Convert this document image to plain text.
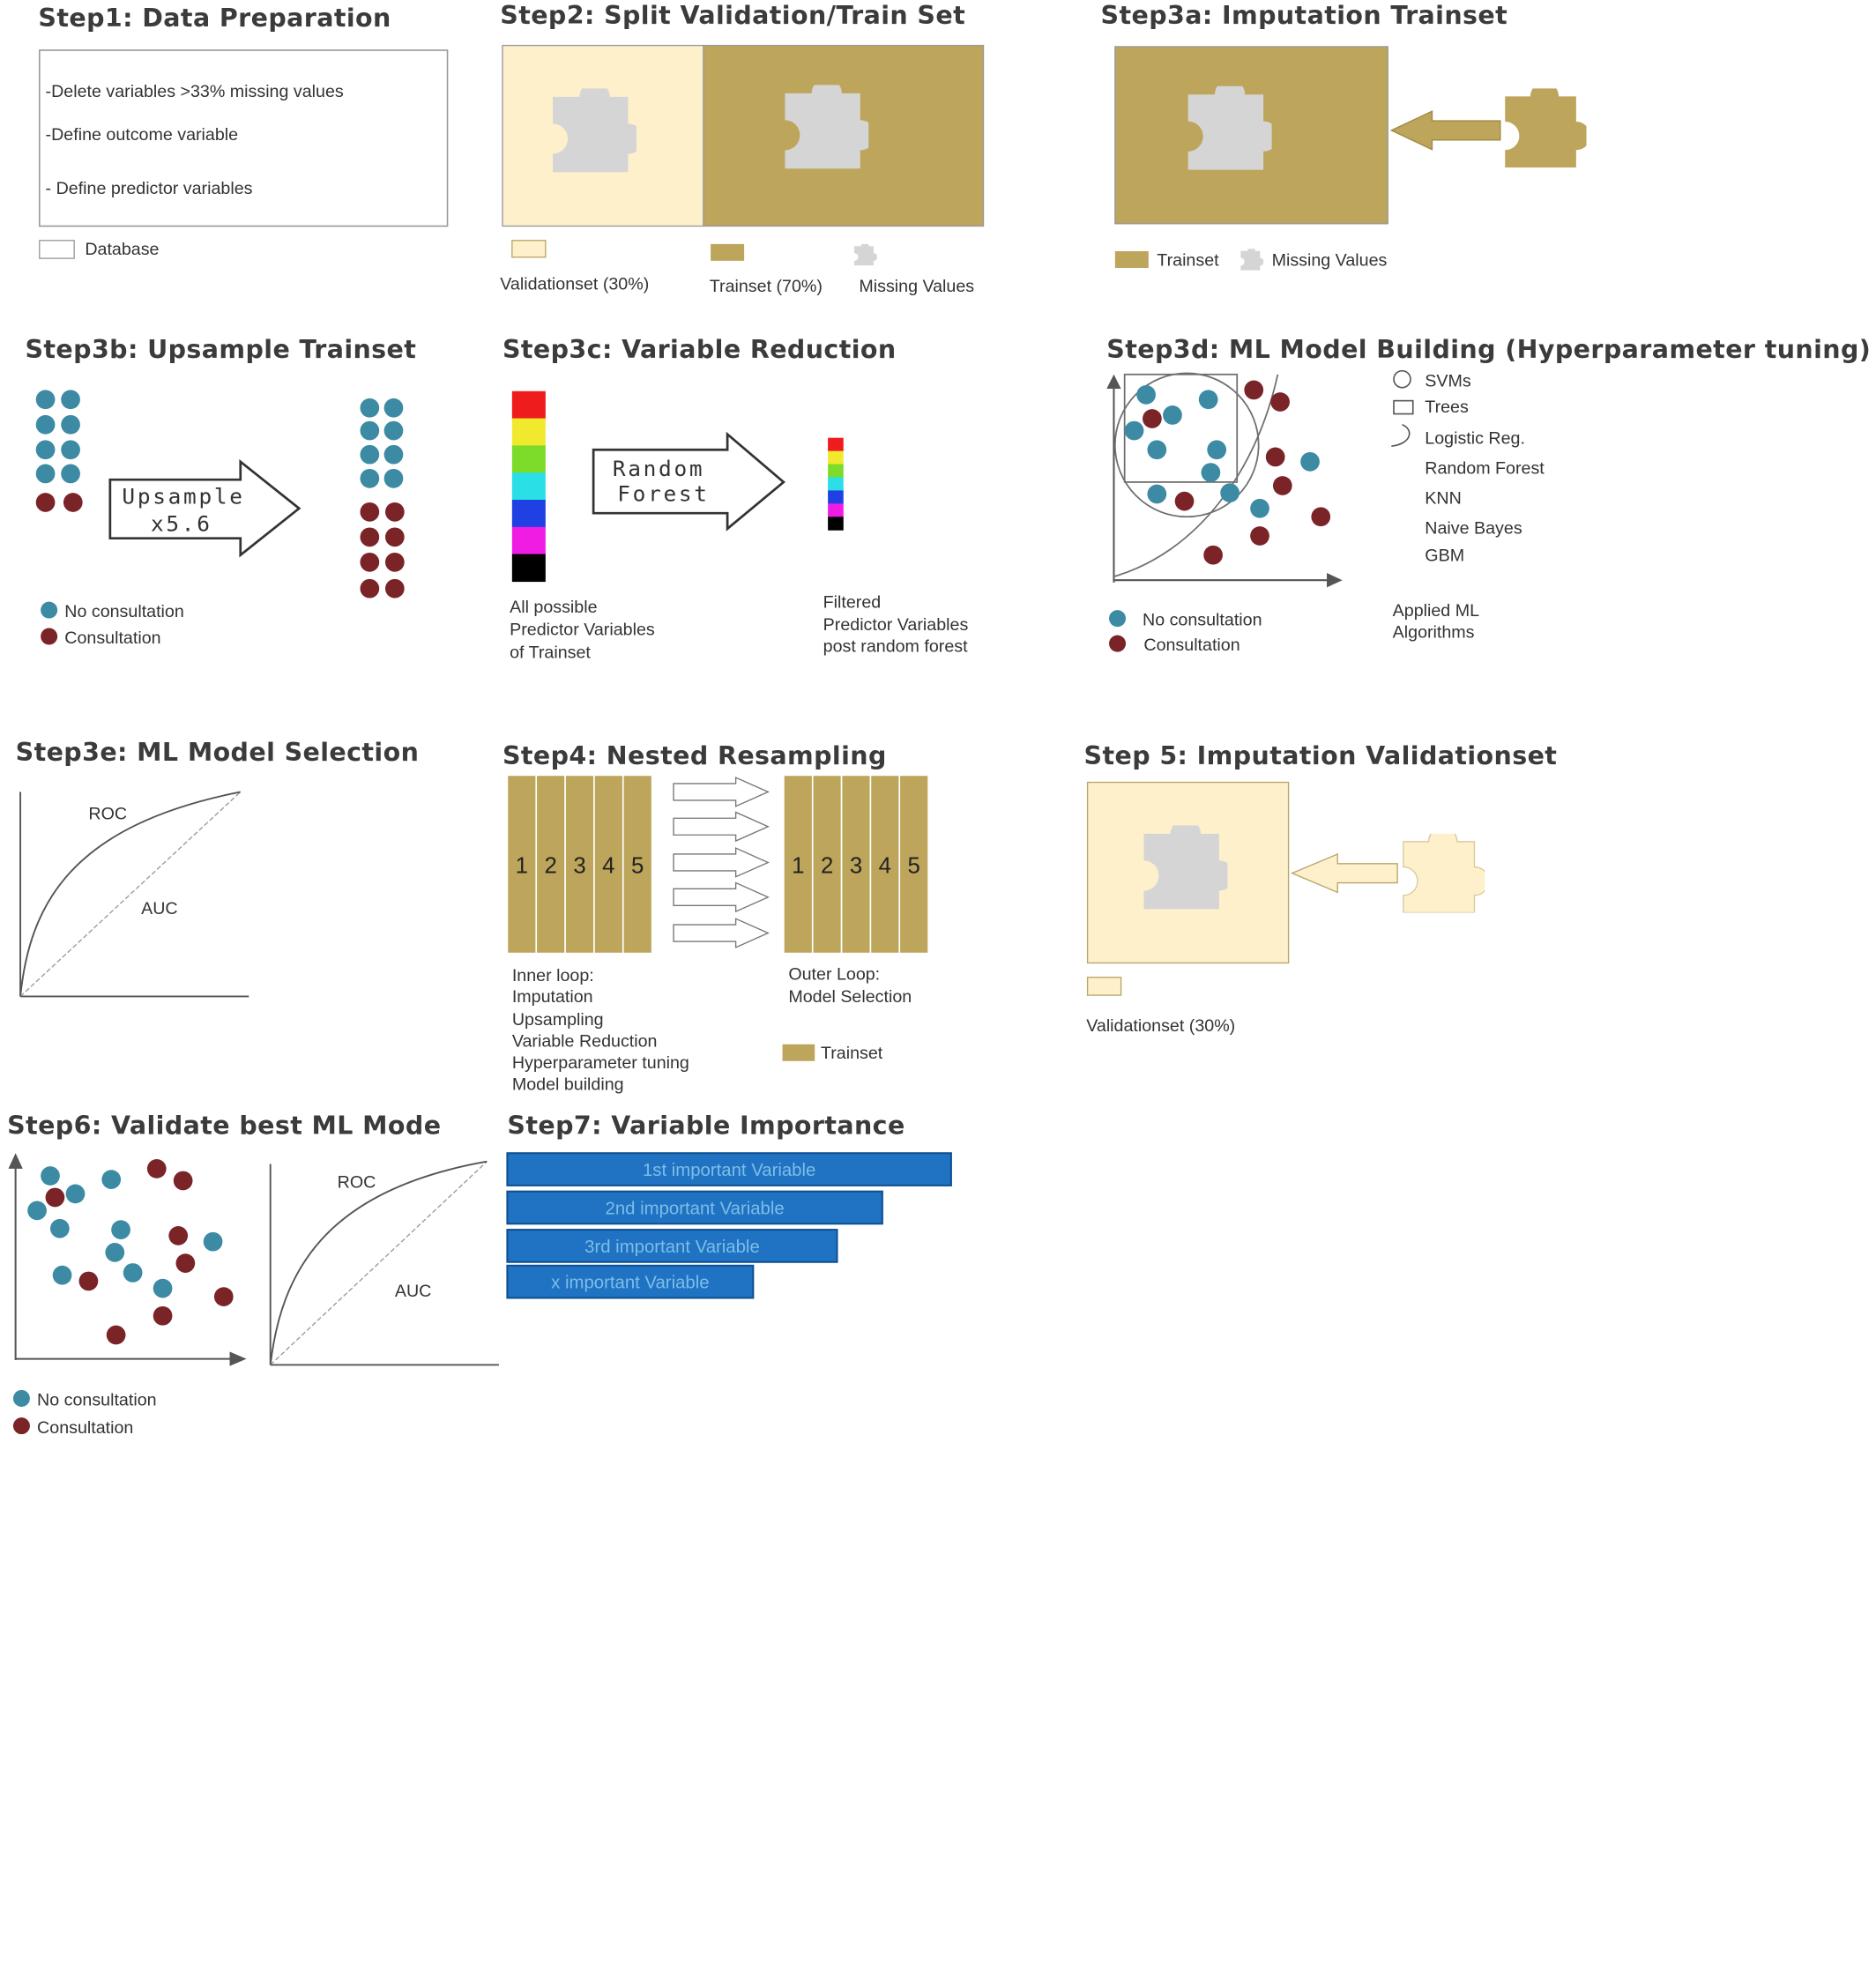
Step1: Data Preparation
-Delete variables >33% missing values
-Define outcome variable
- Define predictor variables
Database
Step2: Split Validation/Train Set
Validationset (30%)	Trainset (70%)	Missing Values
Step3a: Imputation Trainset
Trainset	Missing Values
Step3b: Upsample Trainset
Upsample
x5.6
No consultation
Consultation
Step3c: Variable Reduction
Random
Forest
All possible
Predictor Variables
of Trainset
Filtered
Predictor Variables
post random forest
Step3d: ML Model Building (Hyperparameter tuning)
SVMs
Trees
Logistic Reg.
Random Forest
KNN
Naive Bayes
GBM
No consultation
Consultation
Applied ML
Algorithms
Step3e: ML Model Selection
ROC
AUC
Step4: Nested Resampling
1 2 3 4 5	1 2 3 4 5
Inner loop:
Imputation
Upsampling
Variable Reduction
Hyperparameter tuning
Model building
Outer Loop:
Model Selection
Trainset
Step 5: Imputation Validationset
Validationset (30%)
Step6: Validate best ML Mode
ROC
AUC
No consultation
Consultation
Step7: Variable Importance
1st important Variable
2nd important Variable
3rd important Variable
x important Variable
